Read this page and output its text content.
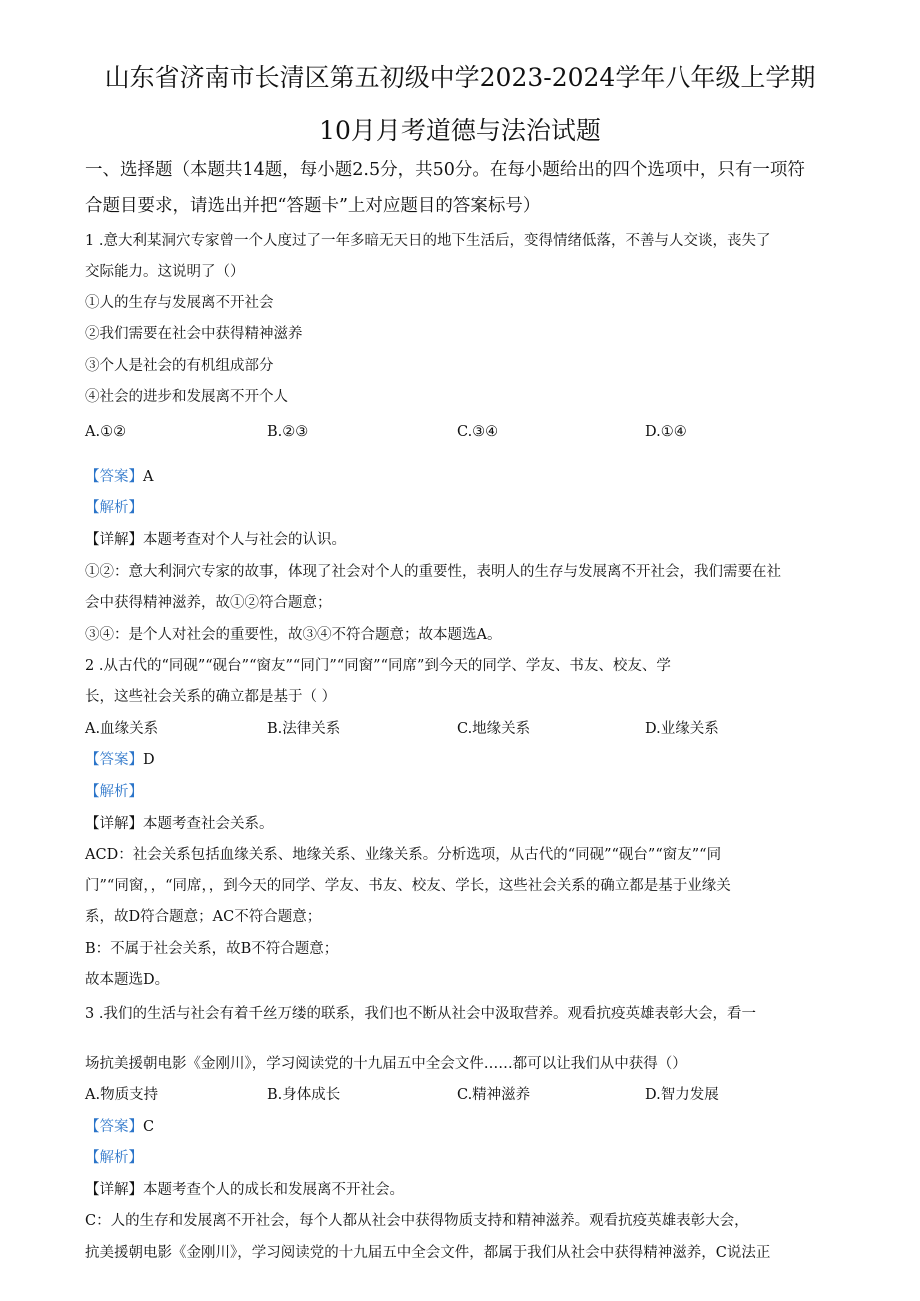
山东省济南市长清区第五初级中学2023-2024学年八年级上学期
10月月考道德与法治试题
一、选择题（本题共14题，每小题2.5分，共50分。在每小题给出的四个选项中，只有一项符
合题目要求，请选出并把“答题卡”上对应题目的答案标号）
1 .意大利某洞穴专家曾一个人度过了一年多暗无天日的地下生活后，变得情绪低落，不善与人交谈，丧失了
交际能力。这说明了（）
①人的生存与发展离不开社会
②我们需要在社会中获得精神滋养
③个人是社会的有机组成部分
④社会的进步和发展离不开个人
A.①②	B.②③	C.③④	D.①④
【答案】A
【解析】
【详解】本题考查对个人与社会的认识。
①②：意大利洞穴专家的故事，体现了社会对个人的重要性，表明人的生存与发展离不开社会，我们需要在社
会中获得精神滋养，故①②符合题意；
③④：是个人对社会的重要性，故③④不符合题意；故本题选A。
2 .从古代的“同砚”“砚台”“窗友”“同门”“同窗”“同席”到今天的同学、学友、书友、校友、学
长，这些社会关系的确立都是基于（ ）
A.血缘关系	B.法律关系	C.地缘关系	D.业缘关系
【答案】D
【解析】
【详解】本题考查社会关系。
ACD：社会关系包括血缘关系、地缘关系、业缘关系。分析选项，从古代的“同砚”“砚台”“窗友”“同
门”“同窗，，“同席，，到今天的同学、学友、书友、校友、学长，这些社会关系的确立都是基于业缘关
系，故D符合题意；AC不符合题意；
B：不属于社会关系，故B不符合题意；
故本题选D。
3 .我们的生活与社会有着千丝万缕的联系，我们也不断从社会中汲取营养。观看抗疫英雄表彰大会，看一
场抗美援朝电影《金刚川》，学习阅读党的十九届五中全会文件……都可以让我们从中获得（）
A.物质支持	B.身体成长	C.精神滋养	D.智力发展
【答案】C
【解析】
【详解】本题考查个人的成长和发展离不开社会。
C：人的生存和发展离不开社会，每个人都从社会中获得物质支持和精神滋养。观看抗疫英雄表彰大会，
抗美援朝电影《金刚川》，学习阅读党的十九届五中全会文件，都属于我们从社会中获得精神滋养，C说法正
